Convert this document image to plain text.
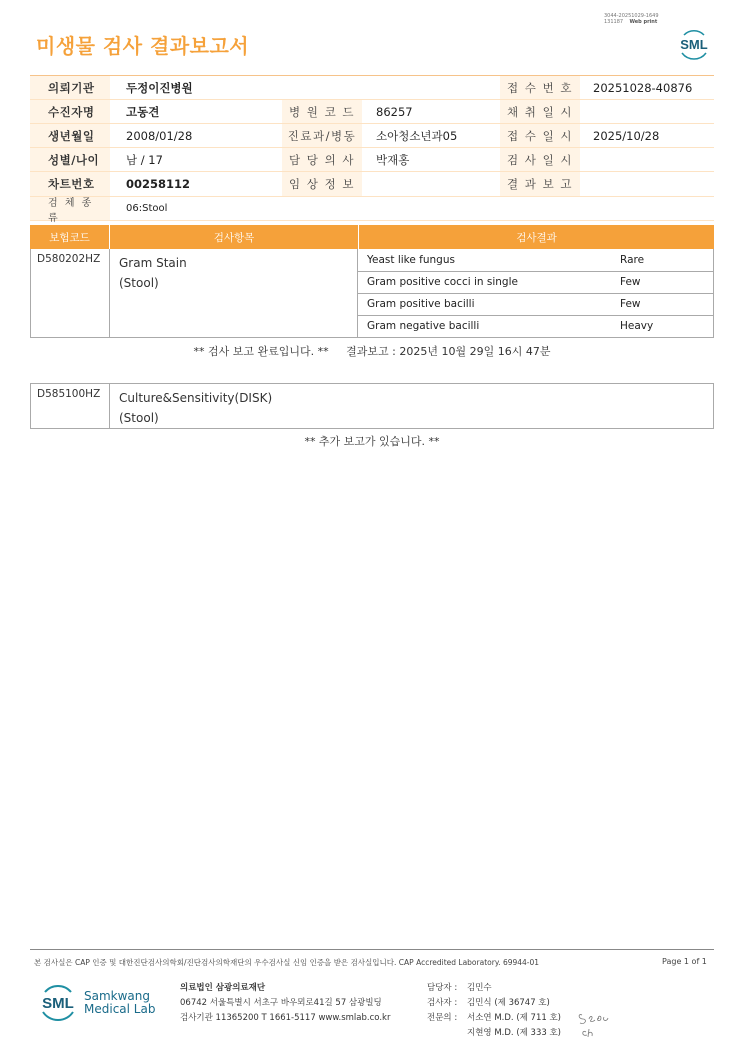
미생물 검사 결과보고서
3044-20251029-1649
131187 Web print
SML
의뢰기관	두정이진병원	접 수 번 호	20251028-40876
수진자명	고동견	병 원 코 드	86257	채 취 일 시
생년월일	2008/01/28	진료과/병동	소아청소년과05	접 수 일 시	2025/10/28
성별/나이	남 / 17	담 당 의 사	박재홍	검 사 일 시
차트번호	00258112	임 상 정 보	결 과 보 고
검 체 종 류
06:Stool
보험코드	검사항목	검사결과
D580202HZ Gram Stain
(Stool)
Yeast like fungus	Rare
Gram positive cocci in single	Few
Gram positive bacilli	Few
Gram negative bacilli	Heavy
** 검사 보고 완료입니다. **     결과보고 : 2025년 10월 29일 16시 47분
D585100HZ Culture&Sensitivity(DISK)
(Stool)
** 추가 보고가 있습니다. **
본 검사실은 CAP 인증 및 대한진단검사의학회/진단검사의학재단의 우수검사실 신임 인증을 받은 검사실입니다. CAP Accredited Laboratory. 69944-01	Page 1 of 1
SML Samkwang
Medical Lab
의료법인 삼광의료재단
06742 서울특별시 서초구 바우뫼로41길 57 삼광빌딩
검사기관 11365200 T 1661-5117 www.smlab.co.kr
담당자 :	김민수
검사자 :	김민식 (제 36747 호)
전문의 :	서소연 M.D. (제 711 호)
지현영 M.D. (제 333 호)
